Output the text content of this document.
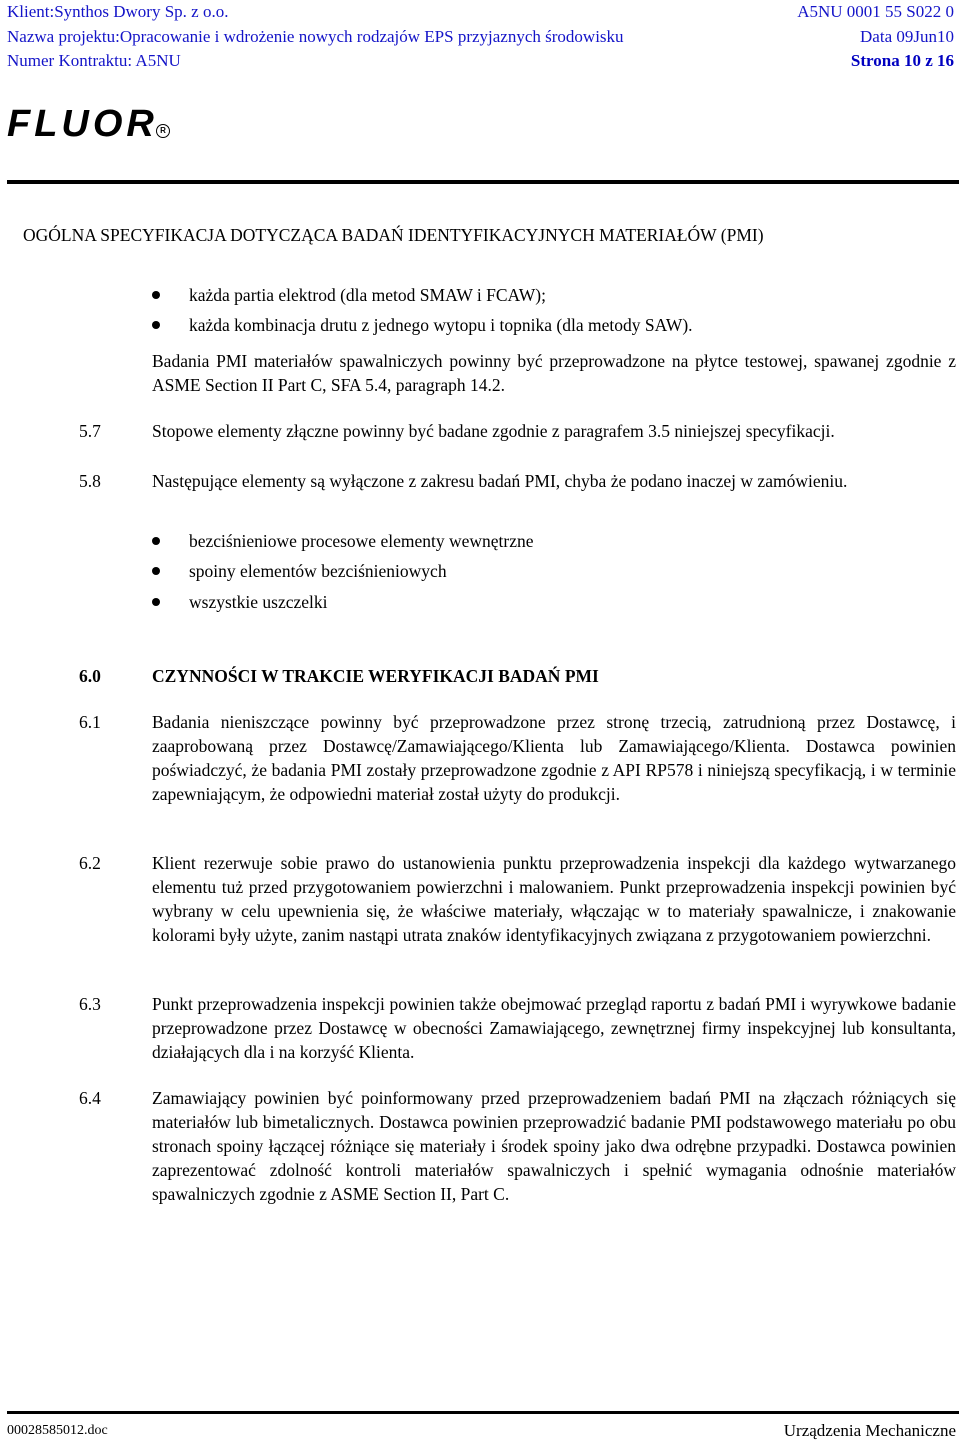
Klient:Synthos Dwory Sp. z o.o.	A5NU 0001 55 S022 0
Nazwa projektu:Opracowanie i wdrożenie nowych rodzajów EPS przyjaznych środowisku	Data 09Jun10
Numer Kontraktu: A5NU	Strona 10 z 16
FLUOR R
OGÓLNA SPECYFIKACJA DOTYCZĄCA BADAŃ IDENTYFIKACYJNYCH MATERIAŁÓW (PMI)
każda partia elektrod (dla metod SMAW i FCAW);
każda kombinacja drutu z jednego wytopu i topnika (dla metody SAW).
Badania PMI materiałów spawalniczych powinny być przeprowadzone na płytce testowej, spawanej zgodnie z ASME Section II Part C, SFA 5.4, paragraph 14.2.
5.7	Stopowe elementy złączne powinny być badane zgodnie z paragrafem 3.5 niniejszej specyfikacji.
5.8	Następujące elementy są wyłączone z zakresu badań PMI, chyba że podano inaczej w zamówieniu.
bezciśnieniowe procesowe elementy wewnętrzne
spoiny elementów bezciśnieniowych
wszystkie uszczelki
6.0	CZYNNOŚCI W TRAKCIE WERYFIKACJI BADAŃ PMI
6.1	Badania nieniszczące powinny być przeprowadzone przez stronę trzecią, zatrudnioną przez Dostawcę, i zaaprobowaną przez Dostawcę/Zamawiającego/Klienta lub Zamawiającego/Klienta. Dostawca powinien poświadczyć, że badania PMI zostały przeprowadzone zgodnie z API RP578 i niniejszą specyfikacją, i w terminie zapewniającym, że odpowiedni materiał został użyty do produkcji.
6.2	Klient rezerwuje sobie prawo do ustanowienia punktu przeprowadzenia inspekcji dla każdego wytwarzanego elementu tuż przed przygotowaniem powierzchni i malowaniem. Punkt przeprowadzenia inspekcji powinien być wybrany w celu upewnienia się, że właściwe materiały, włączając w to materiały spawalnicze, i znakowanie kolorami były użyte, zanim nastąpi utrata znaków identyfikacyjnych związana z przygotowaniem powierzchni.
6.3	Punkt przeprowadzenia inspekcji powinien także obejmować przegląd raportu z badań PMI i wyrywkowe badanie przeprowadzone przez Dostawcę w obecności Zamawiającego, zewnętrznej firmy inspekcyjnej lub konsultanta, działających dla i na korzyść Klienta.
6.4	Zamawiający powinien być poinformowany przed przeprowadzeniem badań PMI na złączach różniących się materiałów lub bimetalicznych. Dostawca powinien przeprowadzić badanie PMI podstawowego materiału po obu stronach spoiny łączącej różniące się materiały i środek spoiny jako dwa odrębne przypadki. Dostawca powinien zaprezentować zdolność kontroli materiałów spawalniczych i spełnić wymagania odnośnie materiałów spawalniczych zgodnie z ASME Section II, Part C.
00028585012.doc	Urządzenia Mechaniczne
